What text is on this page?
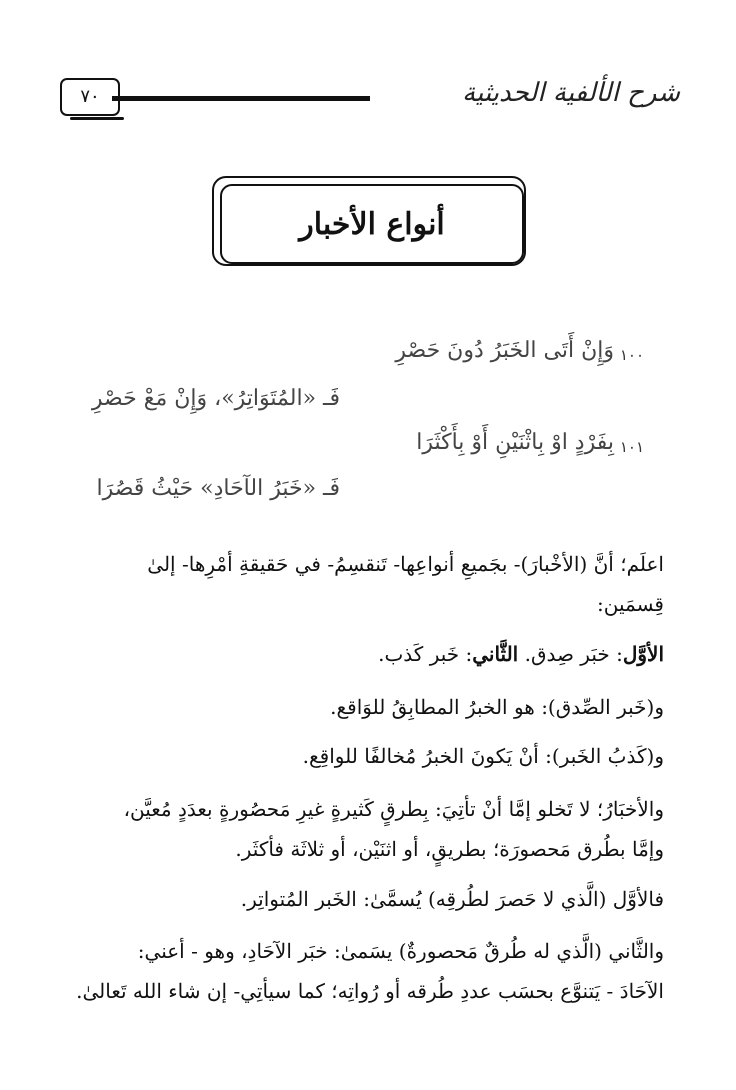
شرح الألفية الحديثية
٧٠
أنواع الأخبار
١٠٠
وَإِنْ أَتَى الخَبَرُ دُونَ حَصْرِ
فَـ «المُتَوَاتِرُ»، وَإِنْ مَعْ حَصْرِ
١٠١
بِفَرْدٍ اوْ بِاثْنَيْنِ أَوْ بِأَكْثَرَا
فَـ «خَبَرُ الآحَادِ» حَيْثُ قَصُرَا
اعلَم؛ أنَّ (الأخْبارَ)- بجَميعِ أنواعِها- تَنقسِمُ- في حَقيقةِ أمْرِها- إلىٰ
قِسمَين:
الأوَّل: خبَر صِدق. الثَّاني: خَبر كَذب.
و(خَبر الصِّدق): هو الخبرُ المطابِقُ للوَاقع.
و(كَذبُ الخَبر): أنْ يَكونَ الخبرُ مُخالفًا للواقِع.
والأخبَارُ؛ لا تَخلو إمَّا أنْ تأتِيَ: بِطرقٍ كَثيرةٍ غيرِ مَحصُورةٍ بعدَدٍ مُعيَّن،
وإمَّا بطُرق مَحصورَة؛ بطريقٍ، أو اثنَيْن، أو ثلاثَة فأكثَر.
فالأوَّل (الَّذي لا حَصرَ لطُرقِه) يُسمَّىٰ: الخَبر المُتواتِر.
والثَّاني (الَّذي له طُرقٌ مَحصورةٌ) يسَمىٰ: خبَر الآحَادِ، وهو - أعني:
الآحَادَ - يَتنوَّع بحسَب عددِ طُرقه أو رُواتِه؛ كما سيأتِي- إن شاء الله تَعالىٰ.
